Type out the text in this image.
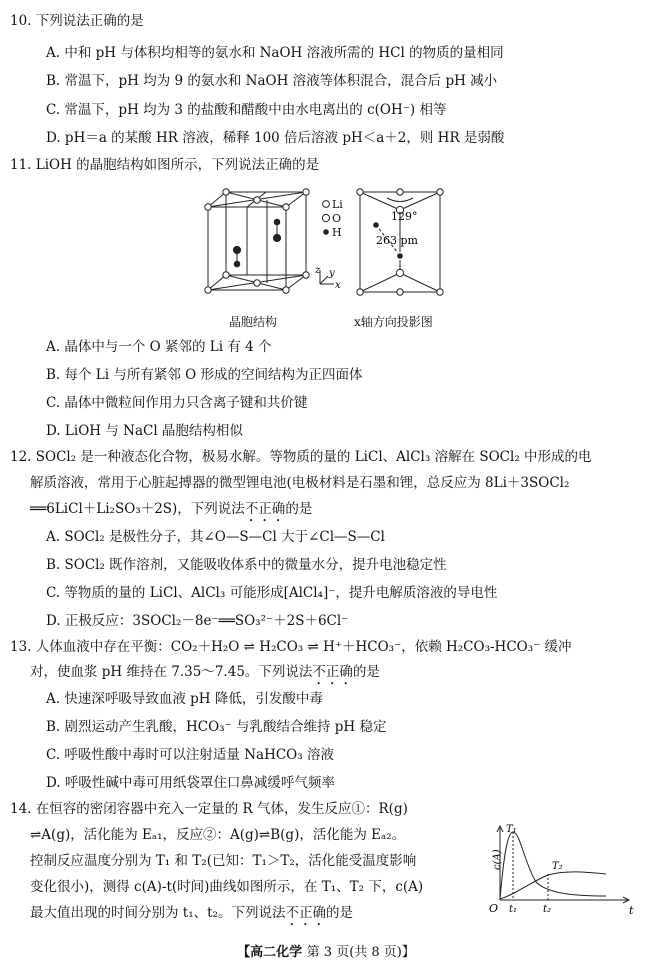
10. 下列说法正确的是
A. 中和 pH 与体积均相等的氨水和 NaOH 溶液所需的 HCl 的物质的量相同
B. 常温下，pH 均为 9 的氨水和 NaOH 溶液等体积混合，混合后 pH 减小
C. 常温下，pH 均为 3 的盐酸和醋酸中由水电离出的 c(OH⁻) 相等
D. pH＝a 的某酸 HR 溶液，稀释 100 倍后溶液 pH＜a＋2，则 HR 是弱酸
11. LiOH 的晶胞结构如图所示，下列说法正确的是
Li
O
H
z y
x
129°
263 pm
晶胞结构	x轴方向投影图
A. 晶体中与一个 O 紧邻的 Li 有 4 个
B. 每个 Li 与所有紧邻 O 形成的空间结构为正四面体
C. 晶体中微粒间作用力只含离子键和共价键
D. LiOH 与 NaCl 晶胞结构相似
12. SOCl₂ 是一种液态化合物，极易水解。等物质的量的 LiCl、AlCl₃ 溶解在 SOCl₂ 中形成的电
解质溶液，常用于心脏起搏器的微型锂电池(电极材料是石墨和锂，总反应为 8Li＋3SOCl₂
══6LiCl＋Li₂SO₃＋2S)，下列说法不正确的是
A. SOCl₂ 是极性分子，其∠O—S—Cl 大于∠Cl—S—Cl
B. SOCl₂ 既作溶剂，又能吸收体系中的微量水分，提升电池稳定性
C. 等物质的量的 LiCl、AlCl₃ 可能形成[AlCl₄]⁻，提升电解质溶液的导电性
D. 正极反应：3SOCl₂－8e⁻══SO₃²⁻＋2S＋6Cl⁻
13. 人体血液中存在平衡：CO₂＋H₂O ⇌ H₂CO₃ ⇌ H⁺＋HCO₃⁻，依赖 H₂CO₃-HCO₃⁻ 缓冲
对，使血浆 pH 维持在 7.35～7.45。下列说法不正确的是
A. 快速深呼吸导致血液 pH 降低，引发酸中毒
B. 剧烈运动产生乳酸，HCO₃⁻ 与乳酸结合维持 pH 稳定
C. 呼吸性酸中毒时可以注射适量 NaHCO₃ 溶液
D. 呼吸性碱中毒可用纸袋罩住口鼻减缓呼气频率
14. 在恒容的密闭容器中充入一定量的 R 气体，发生反应①：R(g)
⇌A(g)，活化能为 Eₐ₁，反应②：A(g)⇌B(g)，活化能为 Eₐ₂。
控制反应温度分别为 T₁ 和 T₂(已知：T₁＞T₂，活化能受温度影响
变化很小)，测得 c(A)-t(时间)曲线如图所示，在 T₁、T₂ 下，c(A)
最大值出现的时间分别为 t₁、t₂。下列说法不正确的是
c(A)
t
O
T₁
T₂
t₁	t₂
【高二化学 第 3 页(共 8 页)】
